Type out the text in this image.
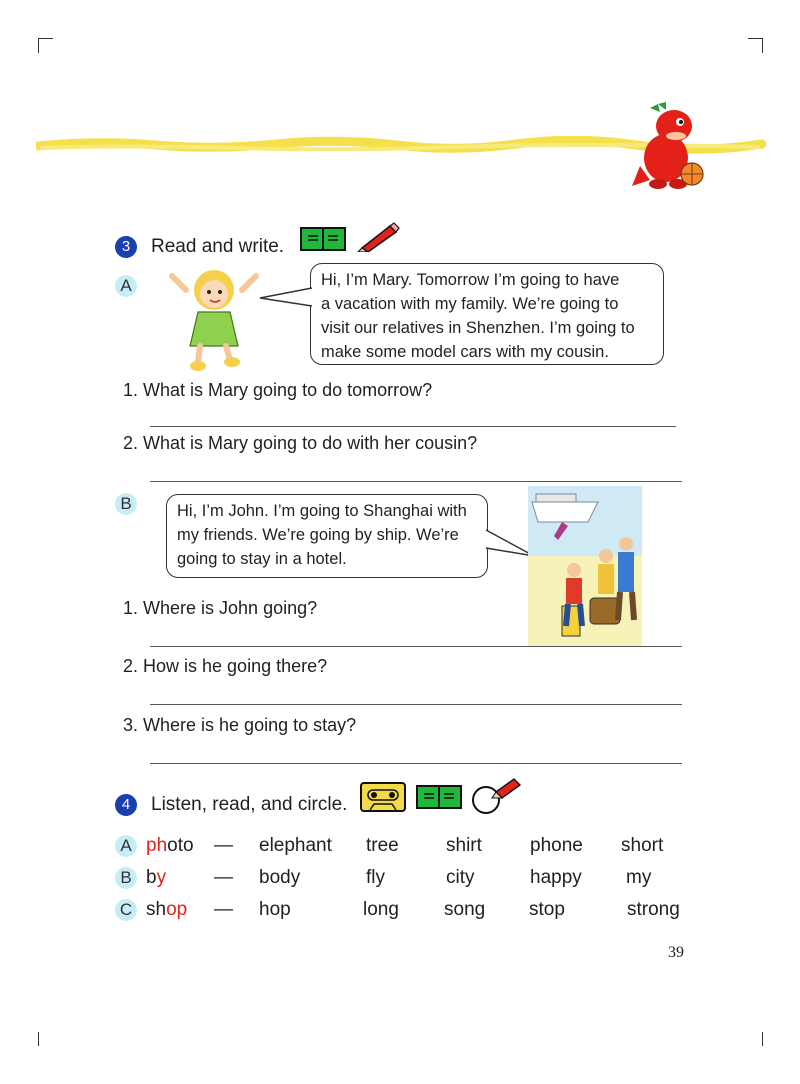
3	Read and write.
A	Hi, I’m Mary. Tomorrow I’m going to have
a vacation with my family. We’re going to
visit our relatives in Shenzhen. I’m going to
make some model cars with my cousin.
1. What is Mary going to do tomorrow?
2. What is Mary going to do with her cousin?
B	Hi, I’m John. I’m going to Shanghai with
my friends. We’re going by ship. We’re
going to stay in a hotel.
1. Where is John going?
2. How is he going there?
3. Where is he going to stay?
4	Listen, read, and circle.
A photo — elephant tree shirt	phone short
B by	— body	fly	city	happy my
C shop — hop	long song stop	strong
39
